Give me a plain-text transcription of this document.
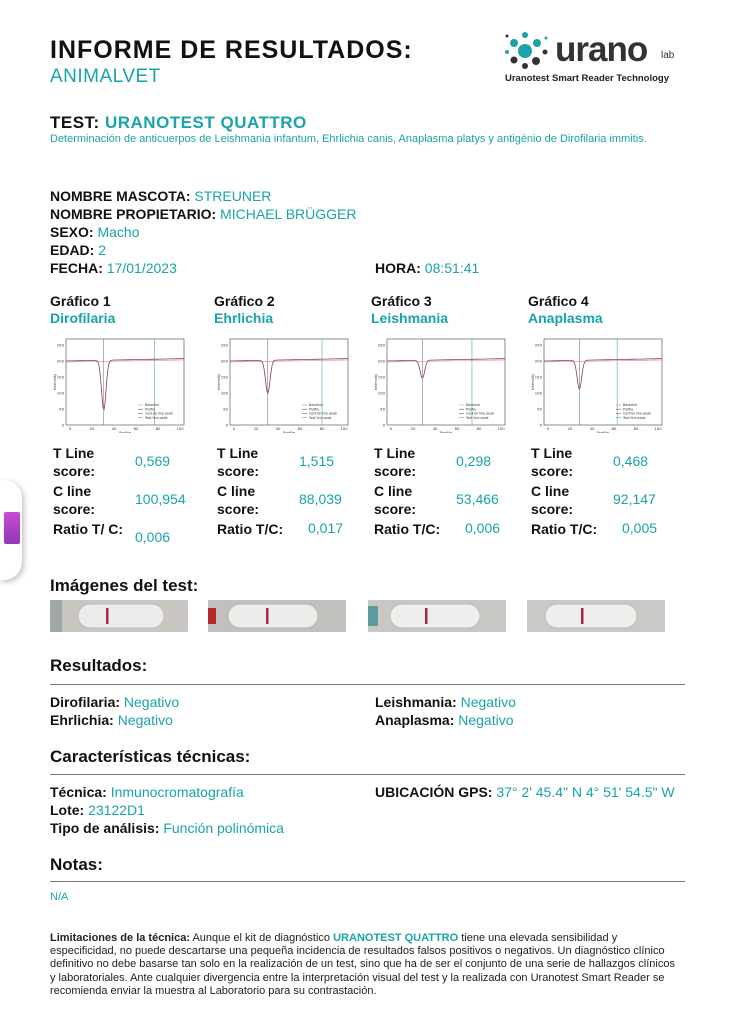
INFORME DE RESULTADOS:
ANIMALVET
urano lab
Uranotest Smart Reader Technology
TEST: URANOTEST QUATTRO
Determinación de anticuerpos de Leishmania infantum, Ehrlichia canis, Anaplasma platys y antigénio de Dirofilaria immitis.
NOMBRE MASCOTA: STREUNER
NOMBRE PROPIETARIO: MICHAEL BRÜGGER
SEXO: Macho
EDAD: 2
FECHA: 17/01/2023	HORA: 08:51:41
Gráfico 1
Dirofilaria
250
200
150
100
50
0
0	20	40	60	80	100
Profile
Intensity
Baseline
Profile
Control line peak
Test line peak
T Line score:
0,569
C line score:
100,954
Ratio T/ C: 0,006
Gráfico 2
Ehrlichia
250
200
150
100
50
0
0	20	40	60	80	100
Profile
Intensity
Baseline
Profile
Control line peak
Test line peak
T Line score:
1,515
C line score:
88,039
Ratio T/C: 0,017
Gráfico 3
Leishmania
250
200
150
100
50
0
0	20	40	60	80	100
Profile
Intensity
Baseline
Profile
Control line peak
Test line peak
T Line score:
0,298
C line score:
53,466
Ratio T/C: 0,006
Gráfico 4
Anaplasma
250
200
150
100
50
0
0	20	40	60	80	100
Profile
Intensity
Baseline
Profile
Control line peak
Test line peak
T Line score:
0,468
C line score:
92,147
Ratio T/C: 0,005
Imágenes del test:
Resultados:
Dirofilaria: Negativo
Ehrlichia: Negativo
Leishmania: Negativo
Anaplasma: Negativo
Características técnicas:
Técnica: Inmunocromatografía
Lote: 23122D1
Tipo de análisis: Función polinómica
UBICACIÓN GPS: 37° 2' 45.4" N 4° 51' 54.5" W
Notas:
N/A
Limitaciones de la técnica: Aunque el kit de diagnóstico URANOTEST QUATTRO tiene una elevada sensibilidad y especificidad, no puede descartarse una pequeña incidencia de resultados falsos positivos o negativos. Un diagnóstico clínico definitivo no debe basarse tan solo en la realización de un test, sino que ha de ser el conjunto de una serie de hallazgos clínicos y laboratoriales. Ante cualquier divergencia entre la interpretación visual del test y la realizada con Uranotest Smart Reader se recomienda enviar la muestra al Laboratorio para su contrastación.
